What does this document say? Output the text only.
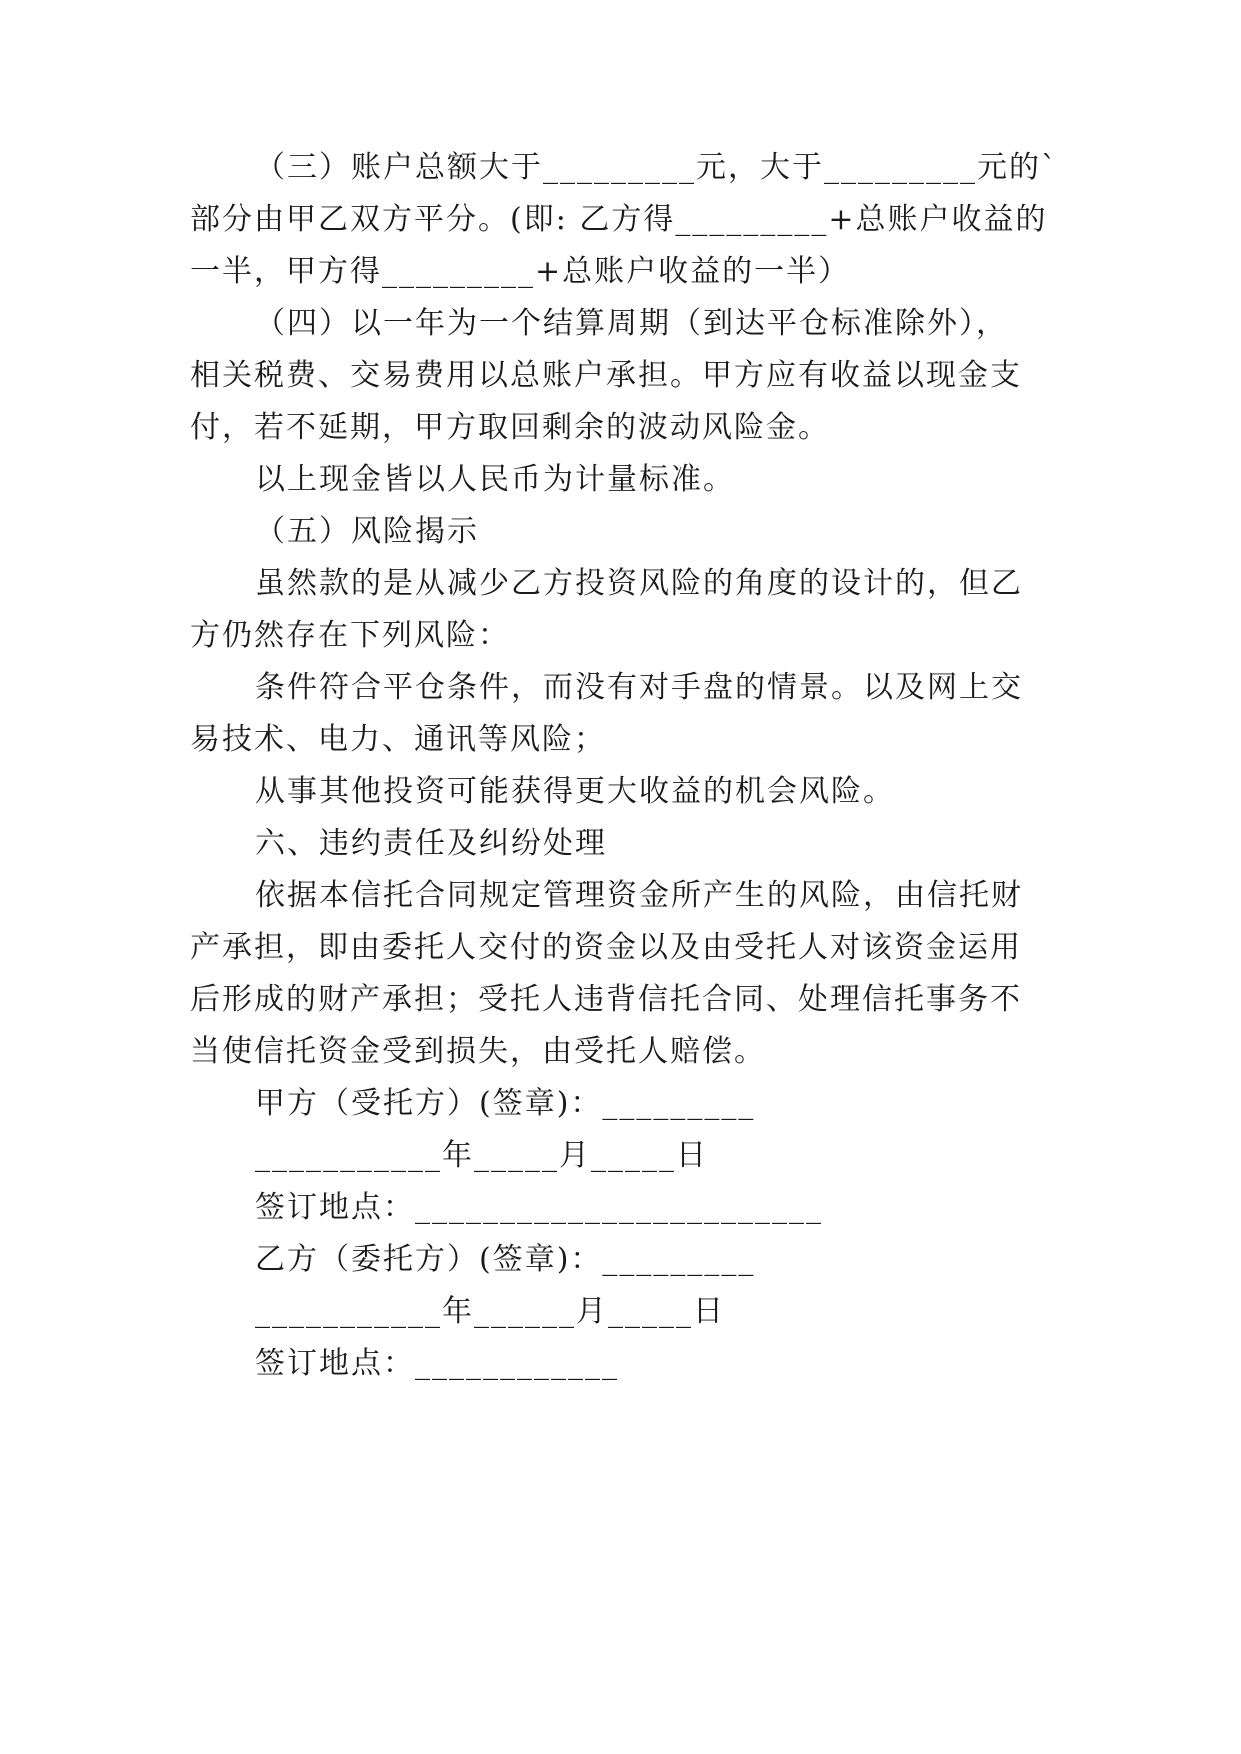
（三）账户总额大于_________元，大于_________元的`
部分由甲乙双方平分。(即: 乙方得_________+总账户收益的
一半，甲方得_________+总账户收益的一半）
（四）以一年为一个结算周期（到达平仓标准除外），
相关税费、交易费用以总账户承担。甲方应有收益以现金支
付，若不延期，甲方取回剩余的波动风险金。
以上现金皆以人民币为计量标准。
（五）风险揭示
虽然款的是从减少乙方投资风险的角度的设计的，但乙
方仍然存在下列风险：
条件符合平仓条件，而没有对手盘的情景。以及网上交
易技术、电力、通讯等风险；
从事其他投资可能获得更大收益的机会风险。
六、违约责任及纠纷处理
依据本信托合同规定管理资金所产生的风险，由信托财
产承担，即由委托人交付的资金以及由受托人对该资金运用
后形成的财产承担；受托人违背信托合同、处理信托事务不
当使信托资金受到损失，由受托人赔偿。
甲方（受托方）(签章)：_________
___________年_____月_____日
签订地点：________________________
乙方（委托方）(签章)：_________
___________年______月_____日
签订地点：____________
